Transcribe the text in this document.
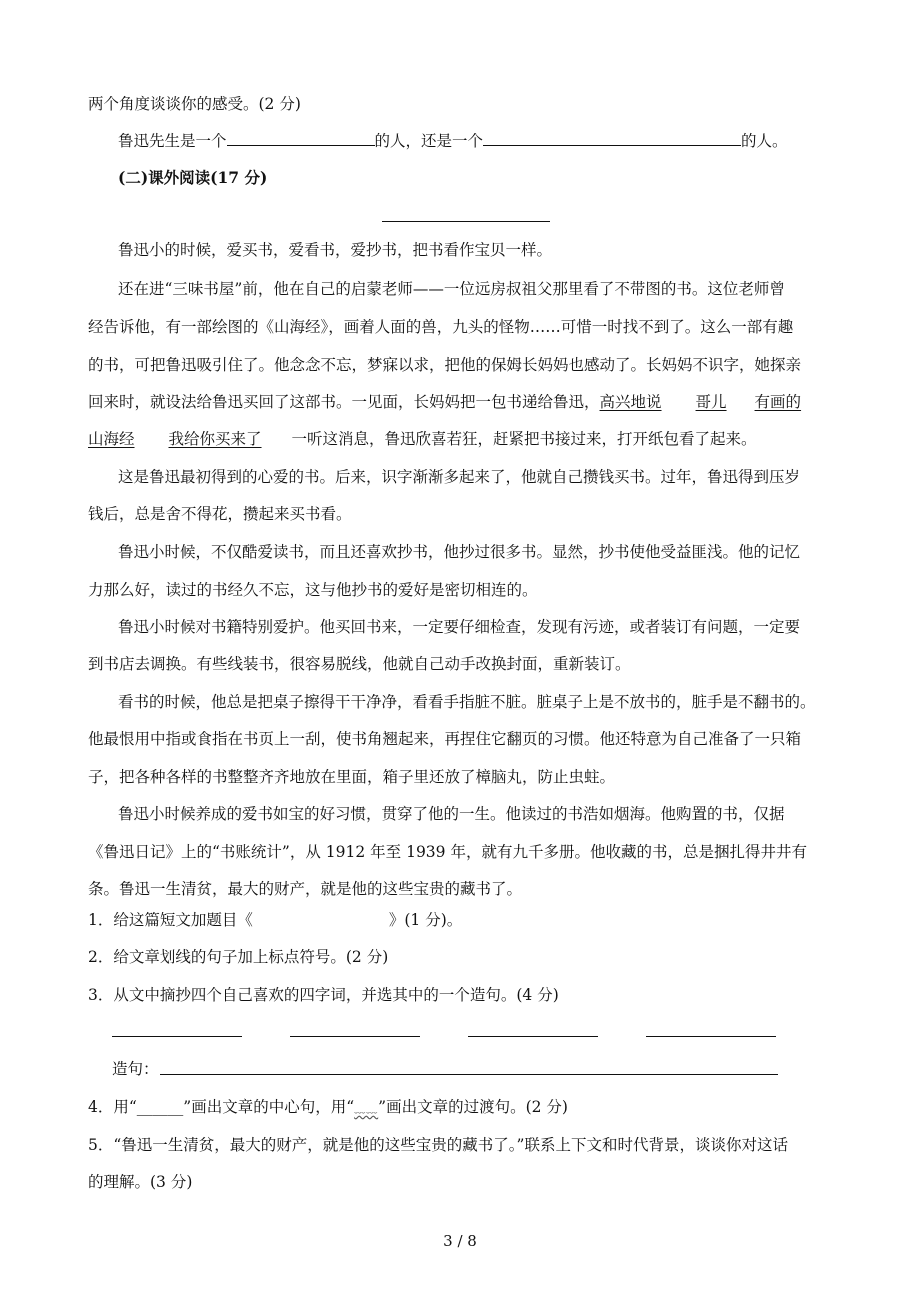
两个角度谈谈你的感受。(2 分)
鲁迅先生是一个	的人，还是一个	的人。
(二)课外阅读(17 分)
鲁迅小的时候，爱买书，爱看书，爱抄书，把书看作宝贝一样。
还在进“三味书屋”前，他在自己的启蒙老师——一位远房叔祖父那里看了不带图的书。这位老师曾
经告诉他，有一部绘图的《山海经》，画着人面的兽，九头的怪物……可惜一时找不到了。这么一部有趣
的书，可把鲁迅吸引住了。他念念不忘，梦寐以求，把他的保姆长妈妈也感动了。长妈妈不识字，她探亲
回来时，就设法给鲁迅买回了这部书。一见面，长妈妈把一包书递给鲁迅，高兴地说 哥儿 有画的
山海经 我给你买来了 一听这消息，鲁迅欣喜若狂，赶紧把书接过来，打开纸包看了起来。
这是鲁迅最初得到的心爱的书。后来，识字渐渐多起来了，他就自己攒钱买书。过年，鲁迅得到压岁
钱后，总是舍不得花，攒起来买书看。
鲁迅小时候，不仅酷爱读书，而且还喜欢抄书，他抄过很多书。显然，抄书使他受益匪浅。他的记忆
力那么好，读过的书经久不忘，这与他抄书的爱好是密切相连的。
鲁迅小时候对书籍特别爱护。他买回书来，一定要仔细检查，发现有污迹，或者装订有问题，一定要
到书店去调换。有些线装书，很容易脱线，他就自己动手改换封面，重新装订。
看书的时候，他总是把桌子擦得干干净净，看看手指脏不脏。脏桌子上是不放书的，脏手是不翻书的。
他最恨用中指或食指在书页上一刮，使书角翘起来，再捏住它翻页的习惯。他还特意为自己准备了一只箱
子，把各种各样的书整整齐齐地放在里面，箱子里还放了樟脑丸，防止虫蛀。
鲁迅小时候养成的爱书如宝的好习惯，贯穿了他的一生。他读过的书浩如烟海。他购置的书，仅据
《鲁迅日记》上的“书账统计”，从 1912 年至 1939 年，就有九千多册。他收藏的书，总是捆扎得井井有
条。鲁迅一生清贫，最大的财产，就是他的这些宝贵的藏书了。
1．给这篇短文加题目《	》(1 分)。
2．给文章划线的句子加上标点符号。(2 分)
3．从文中摘抄四个自己喜欢的四字词，并选其中的一个造句。(4 分)
造句：
4．用“______”画出文章的中心句，用“﹏﹏”画出文章的过渡句。(2 分)
5．“鲁迅一生清贫，最大的财产，就是他的这些宝贵的藏书了。”联系上下文和时代背景，谈谈你对这话
的理解。(3 分)
3 / 8
